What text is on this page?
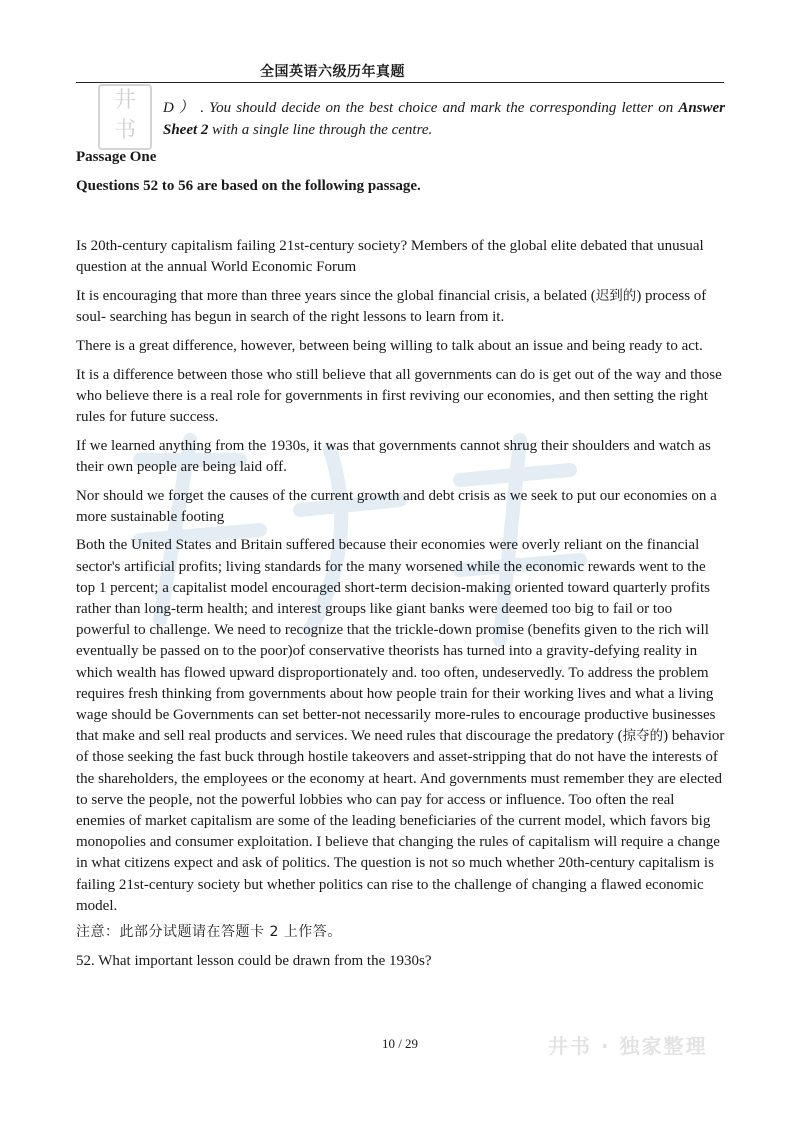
全国英语六级历年真题
井
书
D ） . You should decide on the best choice and mark the corresponding letter on Answer Sheet 2 with a single line through the centre.
Passage One
Questions 52 to 56 are based on the following passage.

Is 20th-century capitalism failing 21st-century society? Members of the global elite debated that unusual question at the annual World Economic Forum

It is encouraging that more than three years since the global financial crisis, a belated (迟到的) process of soul- searching has begun in search of the right lessons to learn from it.

There is a great difference, however, between being willing to talk about an issue and being ready to act.

It is a difference between those who still believe that all governments can do is get out of the way and those who believe there is a real role for governments in first reviving our economies, and then setting the right rules for future success.

If we learned anything from the 1930s, it was that governments cannot shrug their shoulders and watch as their own people are being laid off.

Nor should we forget the causes of the current growth and debt crisis as we seek to put our economies on a more sustainable footing

Both the United States and Britain suffered because their economies were overly reliant on the financial sector's artificial profits; living standards for the many worsened while the economic rewards went to the top 1 percent; a capitalist model encouraged short-term decision-making oriented toward quarterly profits rather than long-term health; and interest groups like giant banks were deemed too big to fail or too powerful to challenge. We need to recognize that the trickle-down promise (benefits given to the rich will eventually be passed on to the poor)of conservative theorists has turned into a gravity-defying reality in which wealth has flowed upward disproportionately and. too often, undeservedly. To address the problem requires fresh thinking from governments about how people train for their working lives and what a living wage should be Governments can set better-not necessarily more-rules to encourage productive businesses that make and sell real products and services. We need rules that discourage the predatory (掠夺的) behavior of those seeking the fast buck through hostile takeovers and asset-stripping that do not have the interests of the shareholders, the employees or the economy at heart. And governments must remember they are elected to serve the people, not the powerful lobbies who can pay for access or influence. Too often the real enemies of market capitalism are some of the leading beneficiaries of the current model, which favors big monopolies and consumer exploitation. I believe that changing the rules of capitalism will require a change in what citizens expect and ask of politics. The question is not so much whether 20th-century capitalism is failing 21st-century society but whether politics can rise to the challenge of changing a flawed economic model.

注意：此部分试题请在答题卡 2 上作答。

52. What important lesson could be drawn from the 1930s?

10 / 29	井书 · 独家整理
